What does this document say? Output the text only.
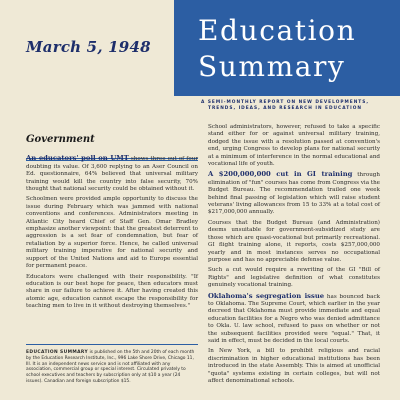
March 5, 1948 Education
Summary
A SEMI-MONTHLY REPORT ON NEW DEVELOPMENTS,
TRENDS, IDEAS, AND RESEARCH IN EDUCATION
Government

An educators' poll on UMT shows three out of four doubting its value. Of 3,600 replying to an Aser Council on Ed. questionnaire, 64% believed that universal military training would kill the country into false security, 70% thought that national security could be obtained without it.

Schoolmen were provided ample opportunity to discuss the issue during February which was jammed with national conventions and conferences. Administrators meeting in Atlantic City heard Chief of Staff Gen. Omar Bradley emphasize another viewpoint: that the greatest deterrent to aggression is a set fear of condemnation, but fear of retaliation by a superior force. Hence, he called universal military training imperative for national security and support of the United Nations and aid to Europe essential for permanent peace.

Educators were challenged with their responsibility. "If education is our best hope for peace, then educators must share in our failure to achieve it. After having created this atomic age, education cannot escape the responsibility for teaching men to live in it without destroying themselves."

EDUCATION SUMMARY is published on the 5th and 20th of each month by the Education Research Institute, Inc., 996 Lake Shore Drive, Chicago 11, Ill. It is an independent news service and is not affiliated with any association, commercial group or special interest. Circulated privately to school executives and teachers by subscription only at $10 a year (24 issues). Canadian and foreign subscription $15.

School administrators, however, refused to take a specific stand either for or against universal military training, dodged the issue with a resolution passed at convention's end, urging Congress to develop plans for national security at a minimum of interference in the normal educational and vocational life of youth.

A $200,000,000 cut in GI training through elimination of "fun" courses has come from Congress via the Budget Bureau. The recommendation trailed one week behind final passing of legislation which will raise student veterans' living allowances from 15 to 33% at a total cost of $217,000,000 annually.

Courses that the Budget Bureau (and Administration) deems unsuitable for government-subsidized study are those which are quasi-vocational but primarily recreational. GI flight training alone, it reports, costs $257,000,000 yearly and in most instances serves no occupational purpose and has no appreciable defense value.

Such a cut would require a rewriting of the GI "Bill of Rights" and legislative definition of what constitutes genuinely vocational training.

Oklahoma's segregation issue has bounced back to Oklahoma. The Supreme Court, which earlier in the year decreed that Oklahoma must provide immediate and equal education facilities for a Negro who was denied admittance to Okla. U. law school, refused to pass on whether or not the subsequent facilities provided were "equal." That, it said in effect, must be decided in the local courts.

In New York, a bill to prohibit religious and racial discrimination in higher educational institutions has been introduced in the state Assembly. This is aimed at unofficial "quota" systems existing in certain colleges, but will not affect denominational schools.
